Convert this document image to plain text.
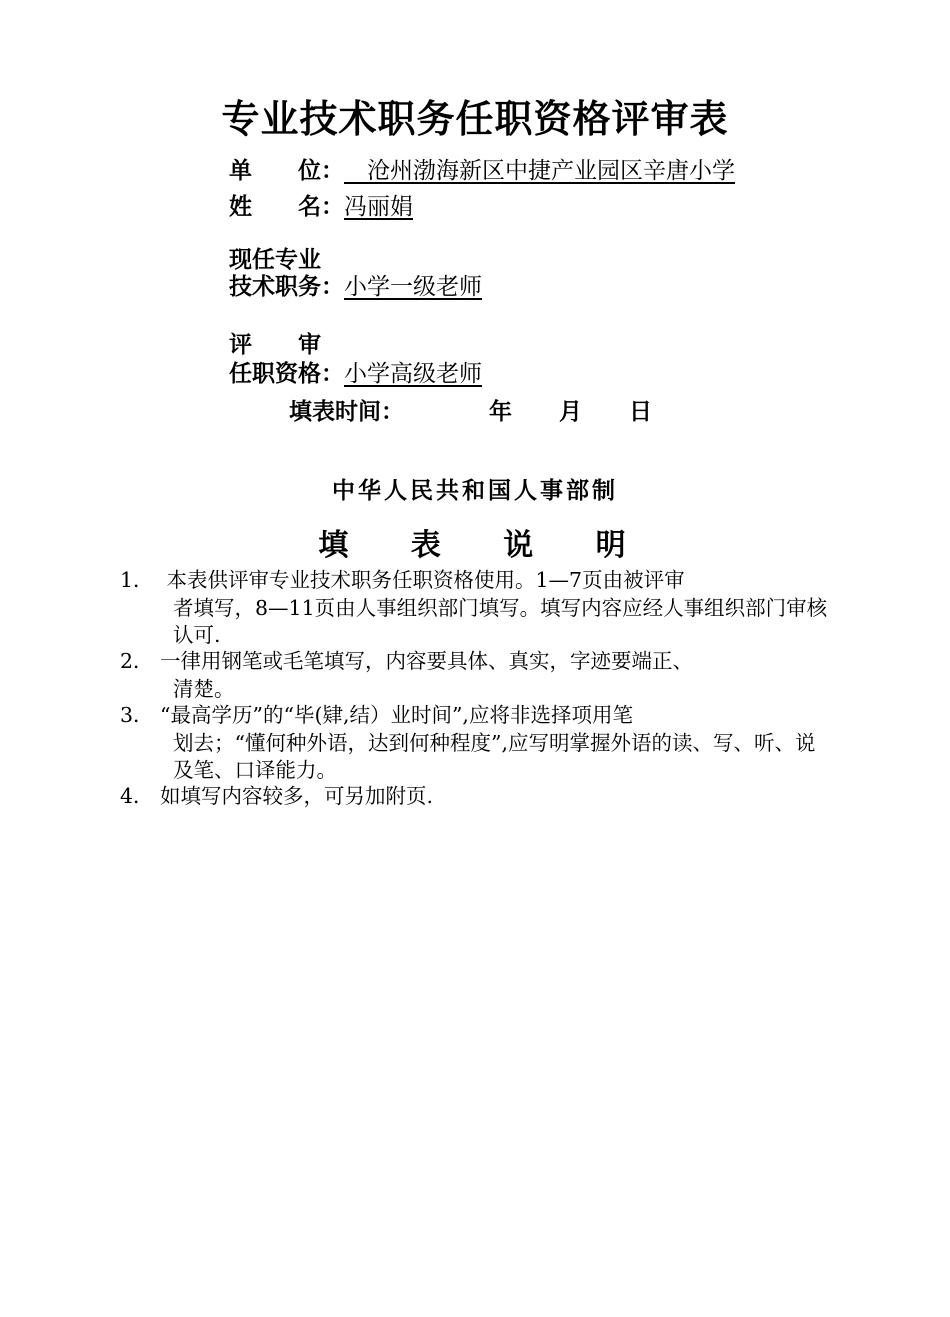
专业技术职务任职资格评审表
单　　位：　沧州渤海新区中捷产业园区辛唐小学
姓　　名：冯丽娟
现任专业
技术职务：小学一级老师
评　　审
任职资格：小学高级老师
填表时间：	年 月 日
中华人民共和国人事部制
填 表 说 明
1． 本表供评审专业技术职务任职资格使用。1—7页由被评审
者填写，8—11页由人事组织部门填写。填写内容应经人事组织部门审核认可.
2． 一律用钢笔或毛笔填写，内容要具体、真实，字迹要端正、
清楚。
3． “最高学历”的“毕(肄,结）业时间”,应将非选择项用笔
划去；“懂何种外语，达到何种程度”,应写明掌握外语的读、写、听、说及笔、口译能力。
4． 如填写内容较多，可另加附页.
